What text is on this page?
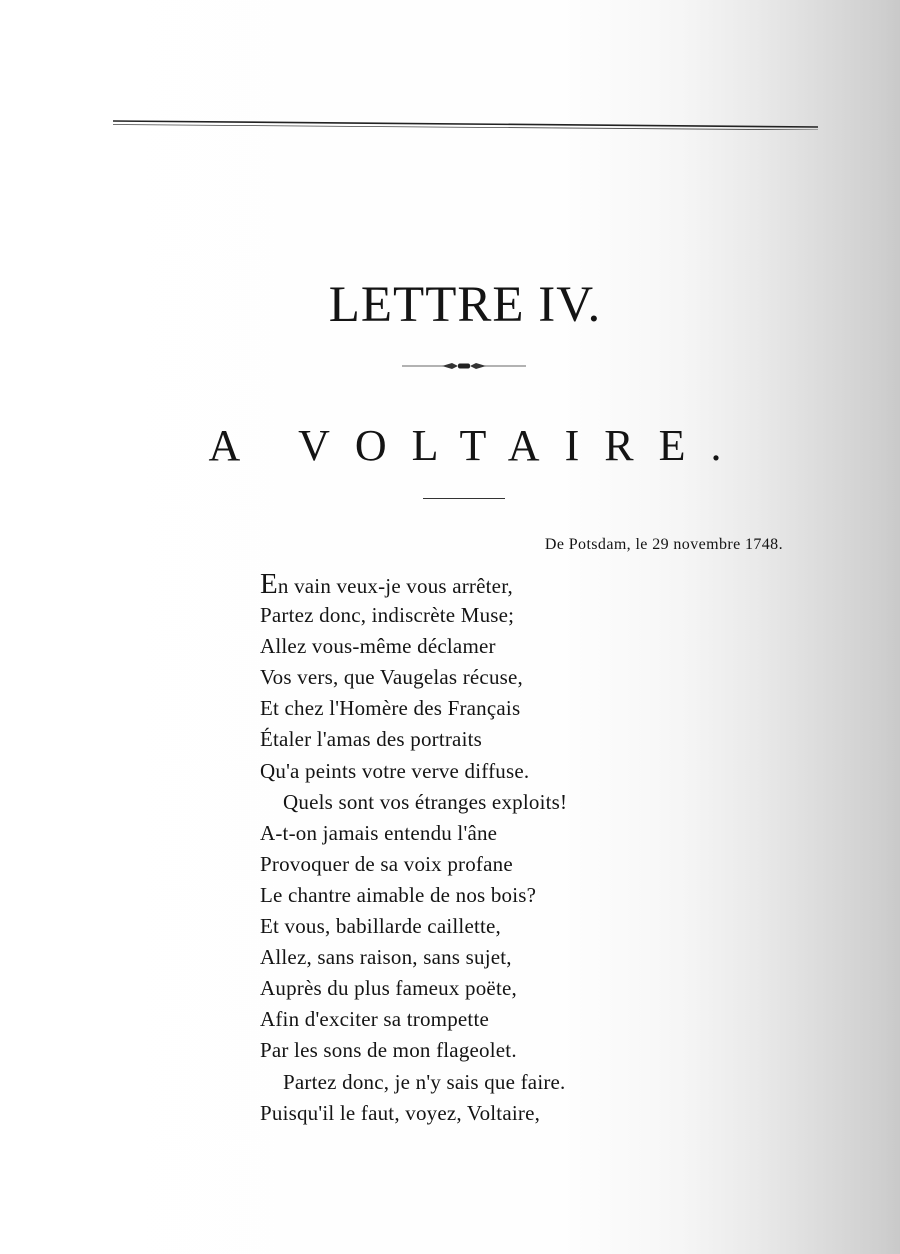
LETTRE IV.
A VOLTAIRE.
De Potsdam, le 29 novembre 1748.
En vain veux-je vous arrêter,
Partez donc, indiscrète Muse;
Allez vous-même déclamer
Vos vers, que Vaugelas récuse,
Et chez l'Homère des Français
Étaler l'amas des portraits
Qu'a peints votre verve diffuse.
Quels sont vos étranges exploits!
A-t-on jamais entendu l'âne
Provoquer de sa voix profane
Le chantre aimable de nos bois?
Et vous, babillarde caillette,
Allez, sans raison, sans sujet,
Auprès du plus fameux poëte,
Afin d'exciter sa trompette
Par les sons de mon flageolet.
Partez donc, je n'y sais que faire.
Puisqu'il le faut, voyez, Voltaire,
